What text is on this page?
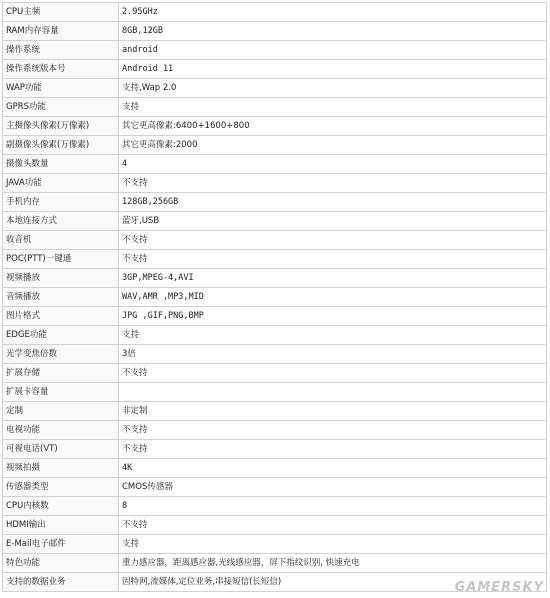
CPU主频	2.95GHz
RAM内存容量	8GB,12GB
操作系统	android
操作系统版本号	Android 11
WAP功能	支持,Wap 2.0
GPRS功能	支持
主摄像头像素(万像素)	其它更高像素:6400+1600+800
副摄像头像素(万像素)	其它更高像素:2000
摄像头数量	4
JAVA功能	不支持
手机内存	128GB,256GB
本地连接方式	蓝牙,USB
收音机	不支持
POC(PTT)一键通	不支持
视频播放	3GP,MPEG-4,AVI
音频播放	WAV,AMR ,MP3,MID
图片格式	JPG ,GIF,PNG,BMP
EDGE功能	支持
光学变焦倍数	3倍
扩展存储	不支持
扩展卡容量	
定制	非定制
电视功能	不支持
可视电话(VT)	不支持
视频拍摄	4K
传感器类型	CMOS传感器
CPU内核数	8
HDMI输出	不支持
E-Mail电子邮件	支持
特色功能	重力感应器，距离感应器,光线感应器，屏下指纹识别, 快速充电
支持的数据业务	因特网,流媒体,定位业务,串接短信(长短信)	GAMERSKY
